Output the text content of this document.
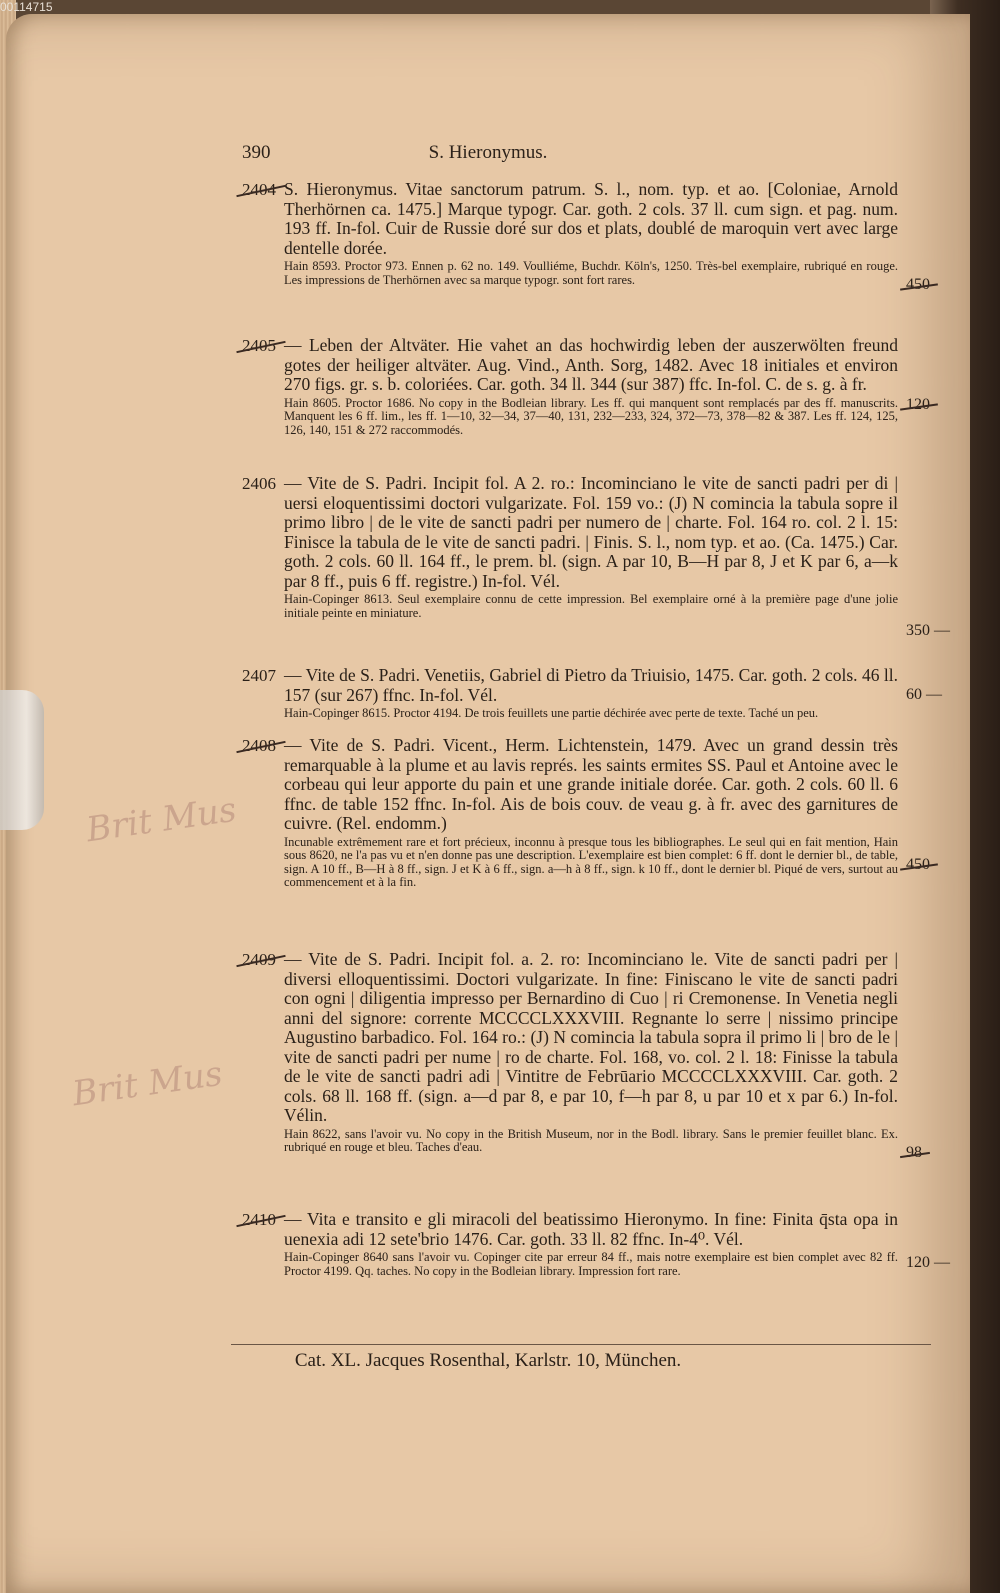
00114715
390	S. Hieronymus.
2404 S. Hieronymus. Vitae sanctorum patrum. S. l., nom. typ. et ao. [Coloniae, Arnold Therhörnen ca. 1475.] Marque typogr. Car. goth. 2 cols. 37 ll. cum sign. et pag. num. 193 ff. In-fol. Cuir de Russie doré sur dos et plats, doublé de maroquin vert avec large dentelle dorée.
Hain 8593. Proctor 973. Ennen p. 62 no. 149. Voulliéme, Buchdr. Köln's, 1250. Très-bel exemplaire, rubriqué en rouge. Les impressions de Therhörnen avec sa marque typogr. sont fort rares.	450
2405 — Leben der Altväter. Hie vahet an das hochwirdig leben der auszerwölten freund gotes der heiliger altväter. Aug. Vind., Anth. Sorg, 1482. Avec 18 initiales et environ 270 figs. gr. s. b. coloriées. Car. goth. 34 ll. 344 (sur 387) ffc. In-fol. C. de s. g. à fr.
Hain 8605. Proctor 1686. No copy in the Bodleian library. Les ff. qui manquent sont remplacés par des ff. manuscrits. Manquent les 6 ff. lim., les ff. 1—10, 32—34, 37—40, 131, 232—233, 324, 372—73, 378—82 & 387. Les ff. 124, 125, 126, 140, 151 & 272 raccommodés.
120
2406 — Vite de S. Padri. Incipit fol. A 2. ro.: Incominciano le vite de sancti padri per di | uersi eloquentissimi doctori vulgarizate. Fol. 159 vo.: (J) N comincia la tabula sopre il primo libro | de le vite de sancti padri per numero de | charte. Fol. 164 ro. col. 2 l. 15: Finisce la tabula de le vite de sancti padri. | Finis. S. l., nom typ. et ao. (Ca. 1475.) Car. goth. 2 cols. 60 ll. 164 ff., le prem. bl. (sign. A par 10, B—H par 8, J et K par 6, a—k par 8 ff., puis 6 ff. registre.) In-fol. Vél.
Hain-Copinger 8613. Seul exemplaire connu de cette impression. Bel exemplaire orné à la première page d'une jolie initiale peinte en miniature.
350 —
2407 — Vite de S. Padri. Venetiis, Gabriel di Pietro da Triuisio, 1475. Car. goth. 2 cols. 46 ll. 157 (sur 267) ffnc. In-fol. Vél.
Hain-Copinger 8615. Proctor 4194. De trois feuillets une partie déchirée avec perte de texte. Taché un peu.
60 —
2408 — Vite de S. Padri. Vicent., Herm. Lichtenstein, 1479. Avec un grand dessin très remarquable à la plume et au lavis représ. les saints ermites SS. Paul et Antoine avec le corbeau qui leur apporte du pain et une grande initiale dorée. Car. goth. 2 cols. 60 ll. 6 ffnc. de table 152 ffnc. In-fol. Ais de bois couv. de veau g. à fr. avec des garnitures de cuivre. (Rel. endomm.)
Incunable extrêmement rare et fort précieux, inconnu à presque tous les bibliographes. Le seul qui en fait mention, Hain sous 8620, ne l'a pas vu et n'en donne pas une description. L'exemplaire est bien complet: 6 ff. dont le dernier bl., de table, sign. A 10 ff., B—H à 8 ff., sign. J et K à 6 ff., sign. a—h à 8 ff., sign. k 10 ff., dont le dernier bl. Piqué de vers, surtout au commencement et à la fin.
450
2409 — Vite de S. Padri. Incipit fol. a. 2. ro: Incominciano le. Vite de sancti padri per | diversi elloquentissimi. Doctori vulgarizate. In fine: Finiscano le vite de sancti padri con ogni | diligentia impresso per Bernardino di Cuo | ri Cremonense. In Venetia negli anni del signore: corrente MCCCCLXXXVIII. Regnante lo serre | nissimo principe Augustino barbadico. Fol. 164 ro.: (J) N comincia la tabula sopra il primo li | bro de le | vite de sancti padri per nume | ro de charte. Fol. 168, vo. col. 2 l. 18: Finisse la tabula de le vite de sancti padri adi | Vintitre de Febrūario MCCCCLXXXVIII. Car. goth. 2 cols. 68 ll. 168 ff. (sign. a—d par 8, e par 10, f—h par 8, u par 10 et x par 6.) In-fol. Vélin.
Hain 8622, sans l'avoir vu. No copy in the British Museum, nor in the Bodl. library. Sans le premier feuillet blanc. Ex. rubriqué en rouge et bleu. Taches d'eau.	98
2410 — Vita e transito e gli miracoli del beatissimo Hieronymo. In fine: Finita q̄sta opa in uenexia adi 12 sete'brio 1476. Car. goth. 33 ll. 82 ffnc. In-4⁰. Vél.
Hain-Copinger 8640 sans l'avoir vu. Copinger cite par erreur 84 ff., mais notre exemplaire est bien complet avec 82 ff. Proctor 4199. Qq. taches. No copy in the Bodleian library. Impression fort rare.	120 —
Cat. XL. Jacques Rosenthal, Karlstr. 10, München.
Brit Mus
Brit Mus
